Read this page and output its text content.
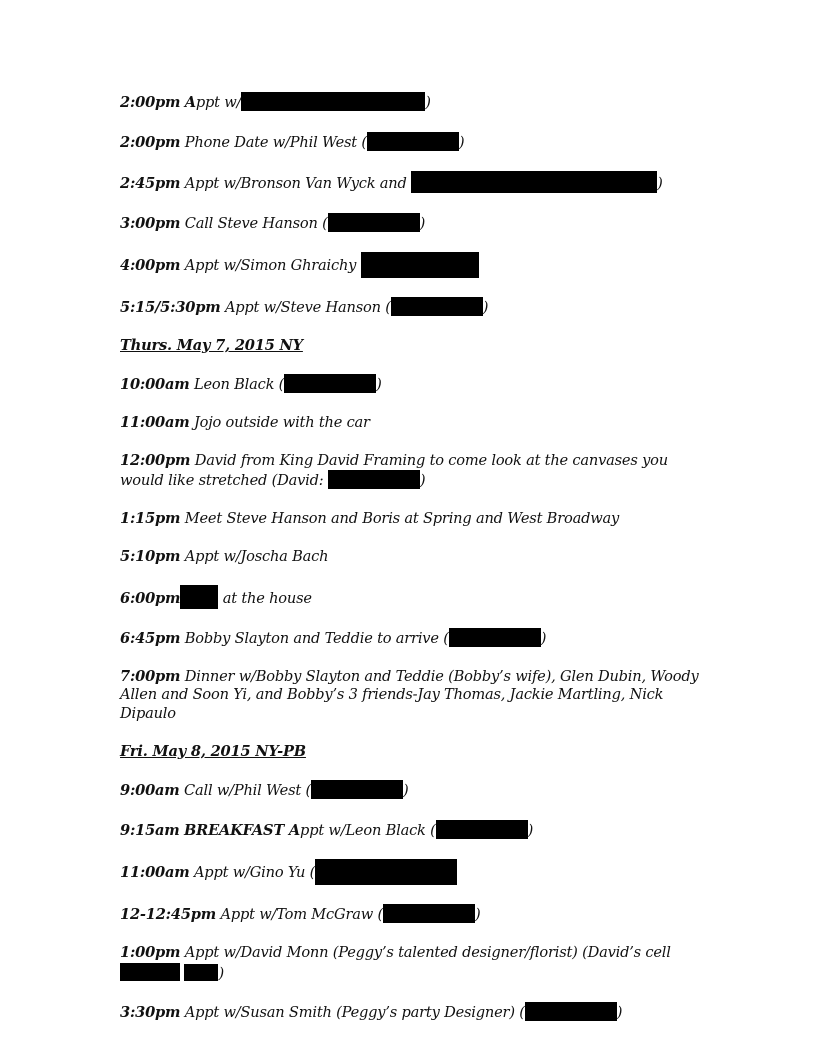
2:00pm Appt w/	)

2:00pm Phone Date w/Phil West (	)

2:45pm Appt w/Bronson Van Wyck and	)

3:00pm Call Steve Hanson (	)

4:00pm Appt w/Simon Ghraichy

5:15/5:30pm Appt w/Steve Hanson (	)

Thurs. May 7, 2015 NY

10:00am Leon Black (	)

11:00am Jojo outside with the car

12:00pm David from King David Framing to come look at the canvases you would like stretched (David:	)

1:15pm Meet Steve Hanson and Boris at Spring and West Broadway

5:10pm Appt w/Joscha Bach

6:00pm	at the house

6:45pm Bobby Slayton and Teddie to arrive (	)

7:00pm Dinner w/Bobby Slayton and Teddie (Bobby’s wife), Glen Dubin, Woody Allen and Soon Yi, and Bobby’s 3 friends-Jay Thomas, Jackie Martling, Nick Dipaulo

Fri. May 8, 2015 NY-PB

9:00am Call w/Phil West (	)

9:15am BREAKFAST Appt w/Leon Black (	)

11:00am Appt w/Gino Yu (

12-12:45pm Appt w/Tom McGraw (	)

1:00pm Appt w/David Monn (Peggy’s talented designer/florist) (David’s cell  )

3:30pm Appt w/Susan Smith (Peggy’s party Designer) (	)
